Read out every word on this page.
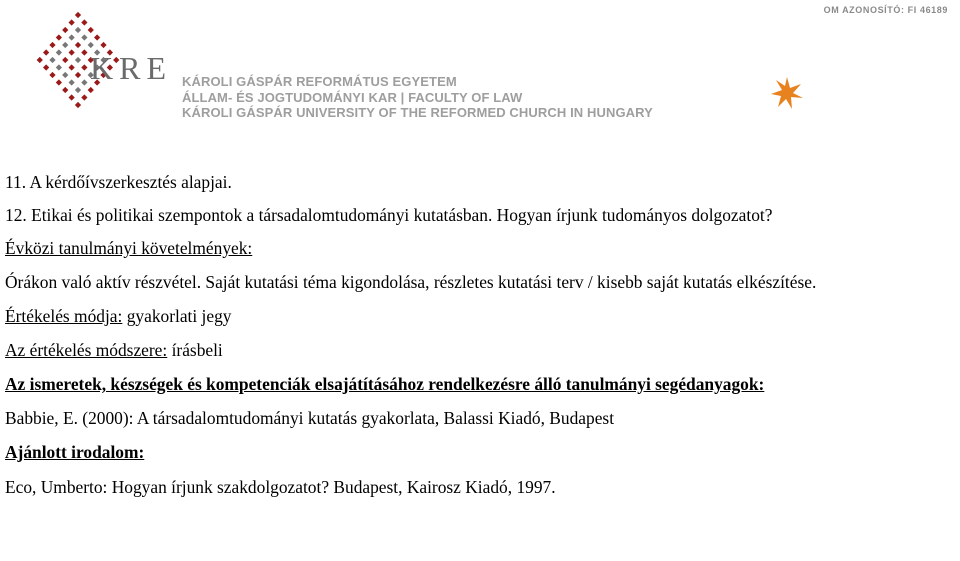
OM AZONOSÍTÓ: FI 46189
KRE KÁROLI GÁSPÁR REFORMÁTUS EGYETEM
ÁLLAM- ÉS JOGTUDOMÁNYI KAR | FACULTY OF LAW
KÁROLI GÁSPÁR UNIVERSITY OF THE REFORMED CHURCH IN HUNGARY
11. A kérdőívszerkesztés alapjai.
12. Etikai és politikai szempontok a társadalomtudományi kutatásban. Hogyan írjunk tudományos dolgozatot?
Évközi tanulmányi követelmények:
Órákon való aktív részvétel. Saját kutatási téma kigondolása, részletes kutatási terv / kisebb saját kutatás elkészítése.
Értékelés módja: gyakorlati jegy
Az értékelés módszere: írásbeli
Az ismeretek, készségek és kompetenciák elsajátításához rendelkezésre álló tanulmányi segédanyagok:
Babbie, E. (2000): A társadalomtudományi kutatás gyakorlata, Balassi Kiadó, Budapest
Ajánlott irodalom:
Eco, Umberto: Hogyan írjunk szakdolgozatot? Budapest, Kairosz Kiadó, 1997.
